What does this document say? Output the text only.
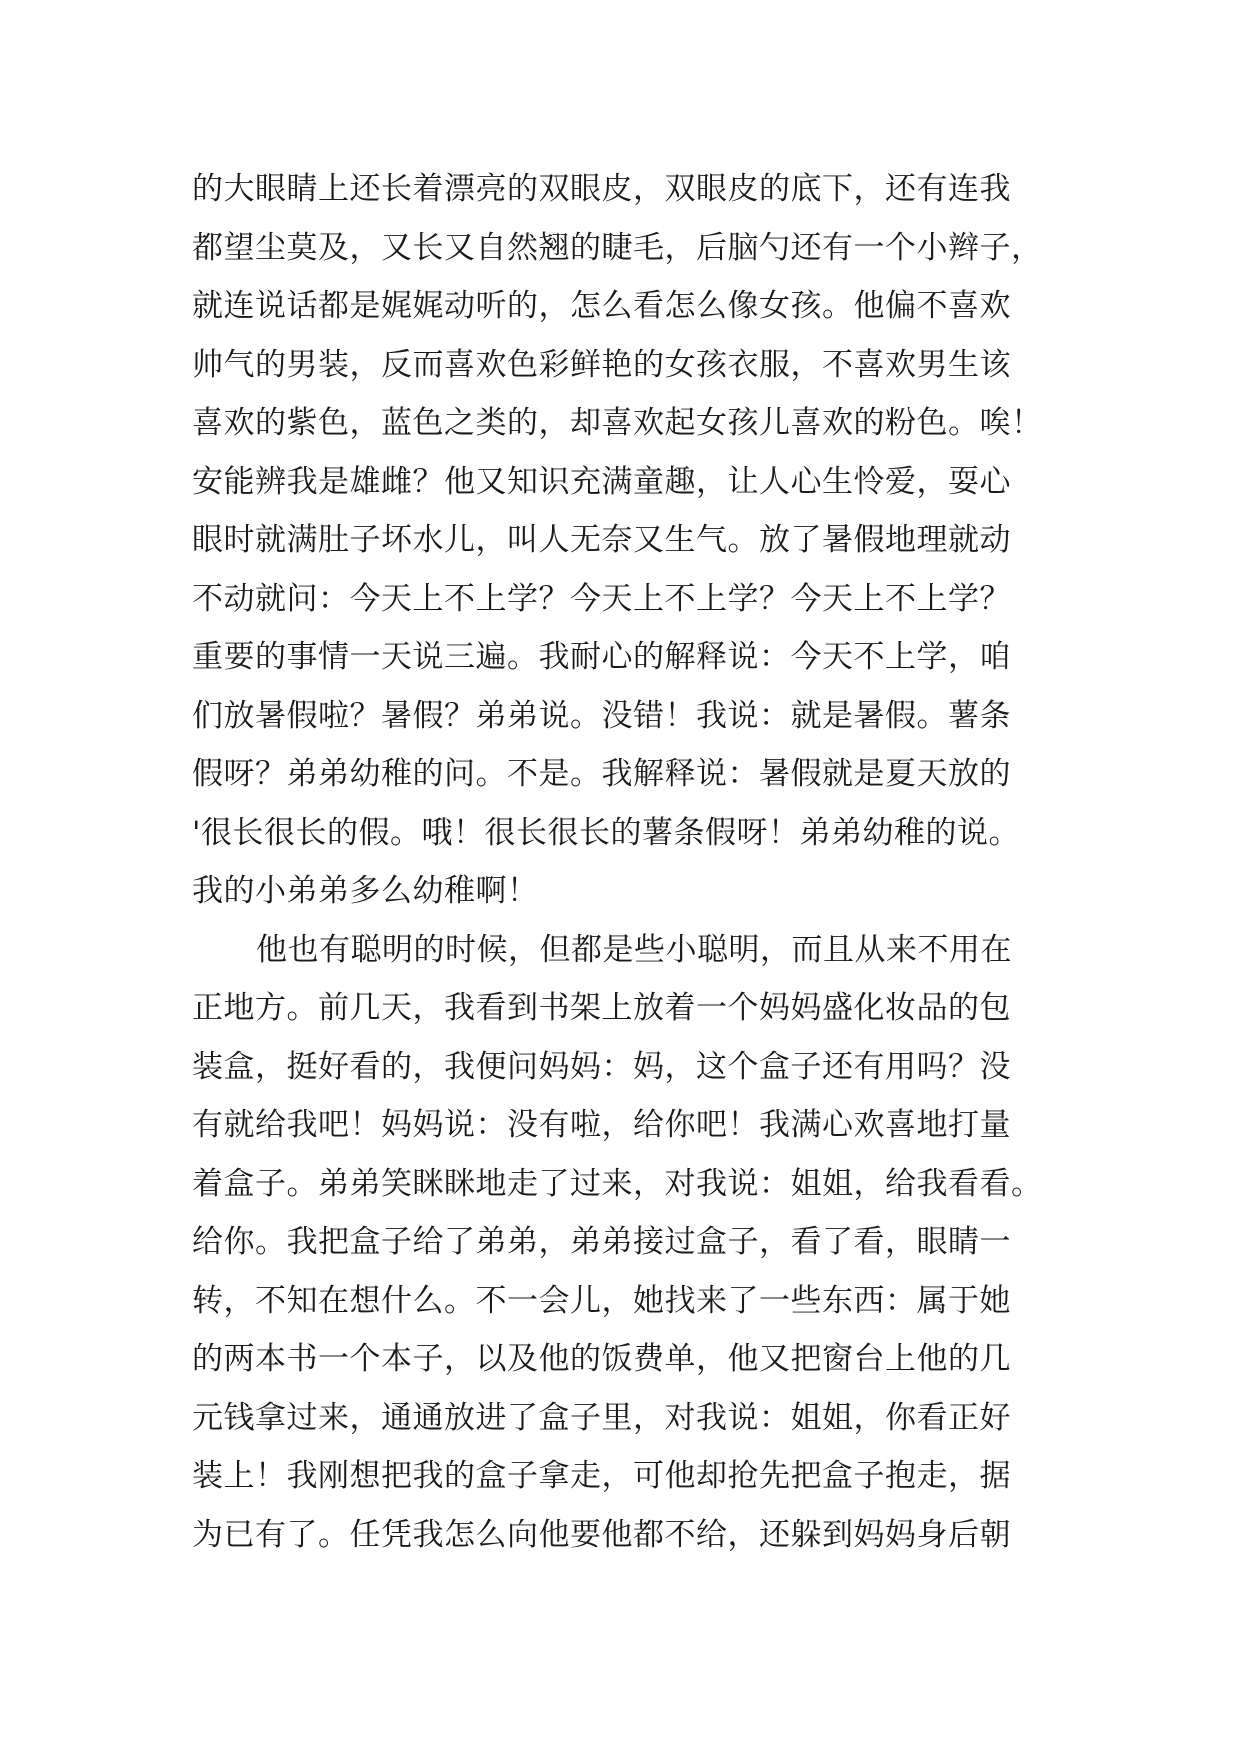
的大眼睛上还长着漂亮的双眼皮，双眼皮的底下，还有连我
都望尘莫及，又长又自然翘的睫毛，后脑勺还有一个小辫子，
就连说话都是娓娓动听的，怎么看怎么像女孩。他偏不喜欢
帅气的男装，反而喜欢色彩鲜艳的女孩衣服，不喜欢男生该
喜欢的紫色，蓝色之类的，却喜欢起女孩儿喜欢的粉色。唉！
安能辨我是雄雌？他又知识充满童趣，让人心生怜爱，耍心
眼时就满肚子坏水儿，叫人无奈又生气。放了暑假地理就动
不动就问：今天上不上学？今天上不上学？今天上不上学？
重要的事情一天说三遍。我耐心的解释说：今天不上学，咱
们放暑假啦？暑假？弟弟说。没错！我说：就是暑假。薯条
假呀？弟弟幼稚的问。不是。我解释说：暑假就是夏天放的
'很长很长的假。哦！很长很长的薯条假呀！弟弟幼稚的说。
我的小弟弟多么幼稚啊！
他也有聪明的时候，但都是些小聪明，而且从来不用在
正地方。前几天，我看到书架上放着一个妈妈盛化妆品的包
装盒，挺好看的，我便问妈妈：妈，这个盒子还有用吗？没
有就给我吧！妈妈说：没有啦，给你吧！我满心欢喜地打量
着盒子。弟弟笑眯眯地走了过来，对我说：姐姐，给我看看。
给你。我把盒子给了弟弟，弟弟接过盒子，看了看，眼睛一
转，不知在想什么。不一会儿，她找来了一些东西：属于她
的两本书一个本子，以及他的饭费单，他又把窗台上他的几
元钱拿过来，通通放进了盒子里，对我说：姐姐，你看正好
装上！我刚想把我的盒子拿走，可他却抢先把盒子抱走，据
为已有了。任凭我怎么向他要他都不给，还躲到妈妈身后朝
